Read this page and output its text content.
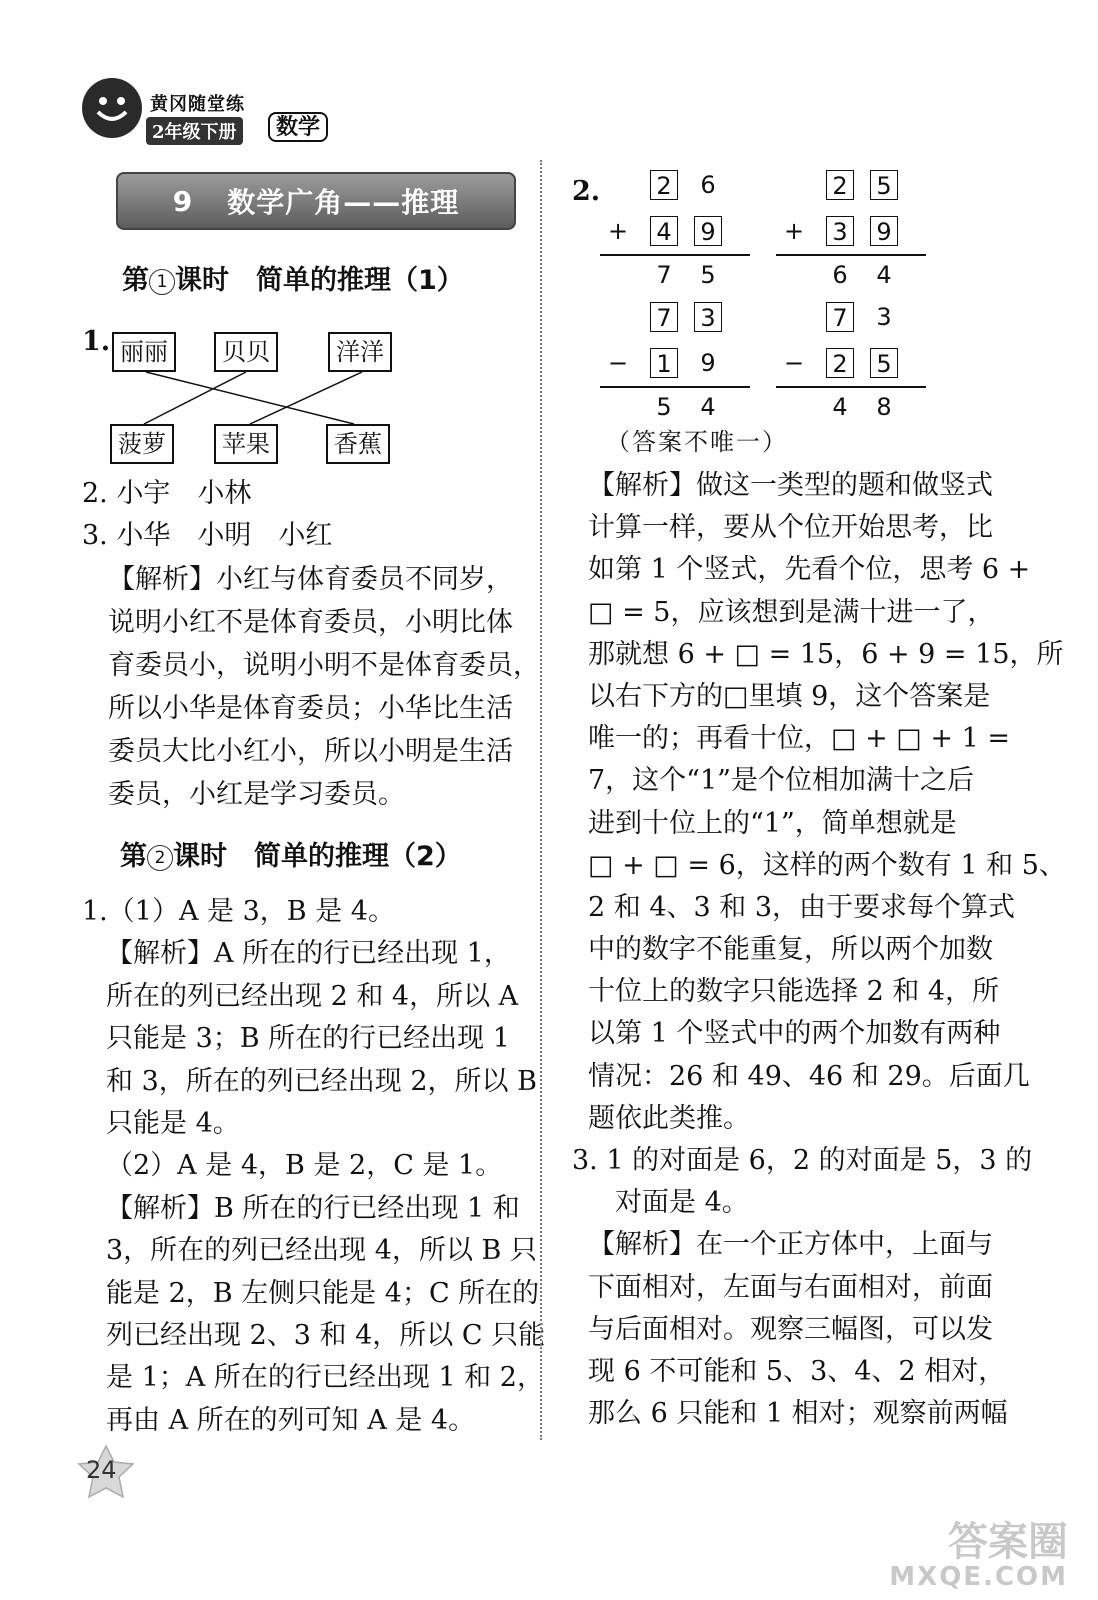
黄冈随堂练
2年级下册	数学
9 数学广角——推理
第 1 课时　简单的推理（1）
1. 丽丽	贝贝	洋洋
菠萝	苹果	香蕉
2. 小宇　小林
3. 小华　小明　小红
【解析】小红与体育委员不同岁，
说明小红不是体育委员，小明比体
育委员小，说明小明不是体育委员，
所以小华是体育委员；小华比生活
委员大比小红小，所以小明是生活
委员，小红是学习委员。
第 2 课时　简单的推理（2）
1.（1）A 是 3，B 是 4。
【解析】A 所在的行已经出现 1，
所在的列已经出现 2 和 4，所以 A
只能是 3；B 所在的行已经出现 1
和 3，所在的列已经出现 2，所以 B
只能是 4。
（2）A 是 4，B 是 2，C 是 1。
【解析】B 所在的行已经出现 1 和
3，所在的列已经出现 4，所以 B 只
能是 2，B 左侧只能是 4；C 所在的
列已经出现 2、3 和 4，所以 C 只能
是 1；A 所在的行已经出现 1 和 2，
再由 A 所在的列可知 A 是 4。
2. 2 6
+ 4 9
7 5
2 5
+ 3 9
6 4
7 3
− 1 9
5 4
7 3
− 2 5
4 8
（答案不唯一）
【解析】做这一类型的题和做竖式
计算一样，要从个位开始思考，比
如第 1 个竖式，先看个位，思考 6 +
□ = 5，应该想到是满十进一了，
那就想 6 + □ = 15，6 + 9 = 15，所
以右下方的□里填 9，这个答案是
唯一的；再看十位，□ + □ + 1 =
7，这个“1”是个位相加满十之后
进到十位上的“1”，简单想就是
□ + □ = 6，这样的两个数有 1 和 5、
2 和 4、3 和 3，由于要求每个算式
中的数字不能重复，所以两个加数
十位上的数字只能选择 2 和 4，所
以第 1 个竖式中的两个加数有两种
情况：26 和 49、46 和 29。后面几
题依此类推。
3. 1 的对面是 6，2 的对面是 5，3 的
　对面是 4。
【解析】在一个正方体中，上面与
下面相对，左面与右面相对，前面
与后面相对。观察三幅图，可以发
现 6 不可能和 5、3、4、2 相对，
那么 6 只能和 1 相对；观察前两幅
24
答案圈
MXQE.COM
